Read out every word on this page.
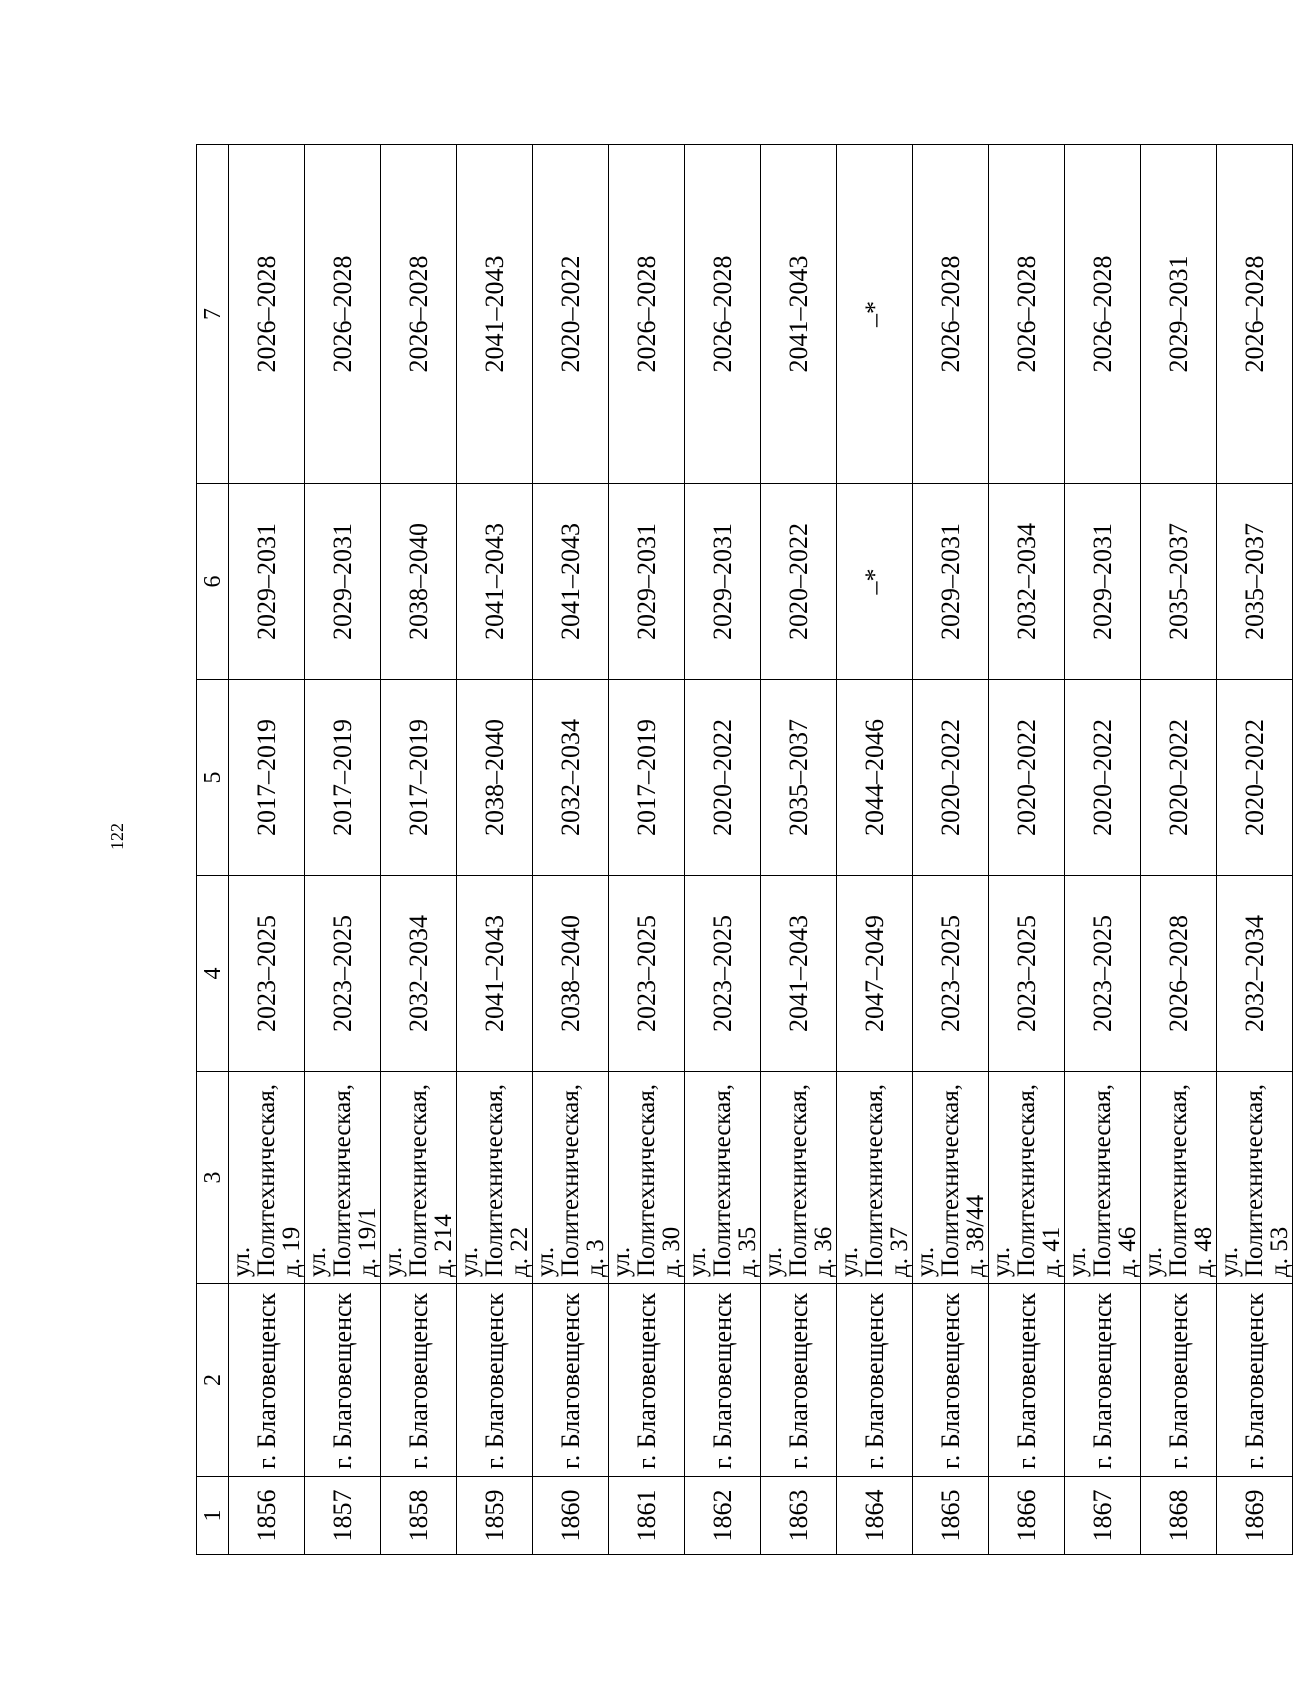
122
1	2	3	4	5	6	7
1856	г. Благовещенск	ул. Политехническая, д. 19	2023–2025	2017–2019	2029–2031	2026–2028
1857	г. Благовещенск	ул. Политехническая, д. 19/1	2023–2025	2017–2019	2029–2031	2026–2028
1858	г. Благовещенск	ул. Политехническая, д. 214	2032–2034	2017–2019	2038–2040	2026–2028
1859	г. Благовещенск	ул. Политехническая, д. 22	2041–2043	2038–2040	2041–2043	2041–2043
1860	г. Благовещенск	ул. Политехническая, д. 3	2038–2040	2032–2034	2041–2043	2020–2022
1861	г. Благовещенск	ул. Политехническая, д. 30	2023–2025	2017–2019	2029–2031	2026–2028
1862	г. Благовещенск	ул. Политехническая, д. 35	2023–2025	2020–2022	2029–2031	2026–2028
1863	г. Благовещенск	ул. Политехническая, д. 36	2041–2043	2035–2037	2020–2022	2041–2043
1864	г. Благовещенск	ул. Политехническая, д. 37	2047–2049	2044–2046	–*	–*
1865	г. Благовещенск	ул. Политехническая, д. 38/44	2023–2025	2020–2022	2029–2031	2026–2028
1866	г. Благовещенск	ул. Политехническая, д. 41	2023–2025	2020–2022	2032–2034	2026–2028
1867	г. Благовещенск	ул. Политехническая, д. 46	2023–2025	2020–2022	2029–2031	2026–2028
1868	г. Благовещенск	ул. Политехническая, д. 48	2026–2028	2020–2022	2035–2037	2029–2031
1869	г. Благовещенск	ул. Политехническая, д. 53	2032–2034	2020–2022	2035–2037	2026–2028
